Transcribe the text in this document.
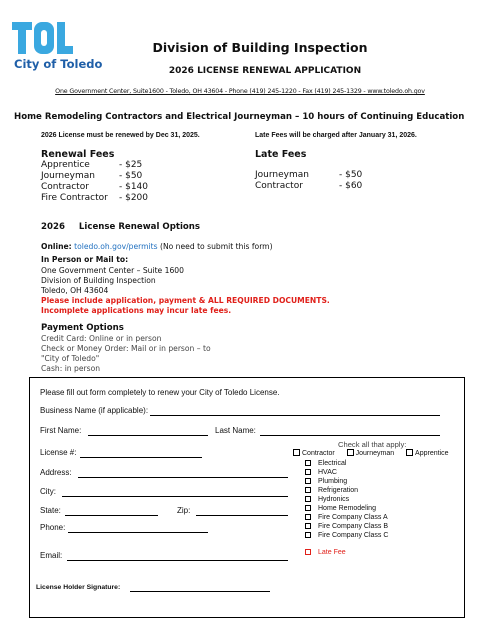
City of Toledo
Division of Building Inspection
2026 LICENSE RENEWAL APPLICATION
One Government Center, Suite1600 - Toledo, OH 43604 - Phone (419) 245-1220 - Fax (419) 245-1329 - www.toledo.oh.gov
Home Remodeling Contractors and Electrical Journeyman – 10 hours of Continuing Education
2026 License must be renewed by Dec 31, 2025.	Late Fees will be charged after January 31, 2026.
Renewal Fees
Apprentice	- $25
Journeyman	- $50
Contractor	- $140
Fire Contractor - $200
Late Fees
Journeyman	- $50
Contractor	- $60
2026 License Renewal Options
Online: toledo.oh.gov/permits (No need to submit this form)
In Person or Mail to:
One Government Center – Suite 1600
Division of Building Inspection
Toledo, OH 43604
Please include application, payment & ALL REQUIRED DOCUMENTS.
Incomplete applications may incur late fees.
Payment Options
Credit Card: Online or in person
Check or Money Order: Mail or in person – to
"City of Toledo"
Cash: in person
Please fill out form completely to renew your City of Toledo License.
Business Name (if applicable):
First Name:	Last Name:
License #:
Address:
City:
State:	Zip:
Phone:
Email:
License Holder Signature:
Check all that apply:
Contractor	Journeyman	Apprentice
Electrical
HVAC
Plumbing
Refrigeration
Hydronics
Home Remodeling
Fire Company Class A
Fire Company Class B
Fire Company Class C
Late Fee
